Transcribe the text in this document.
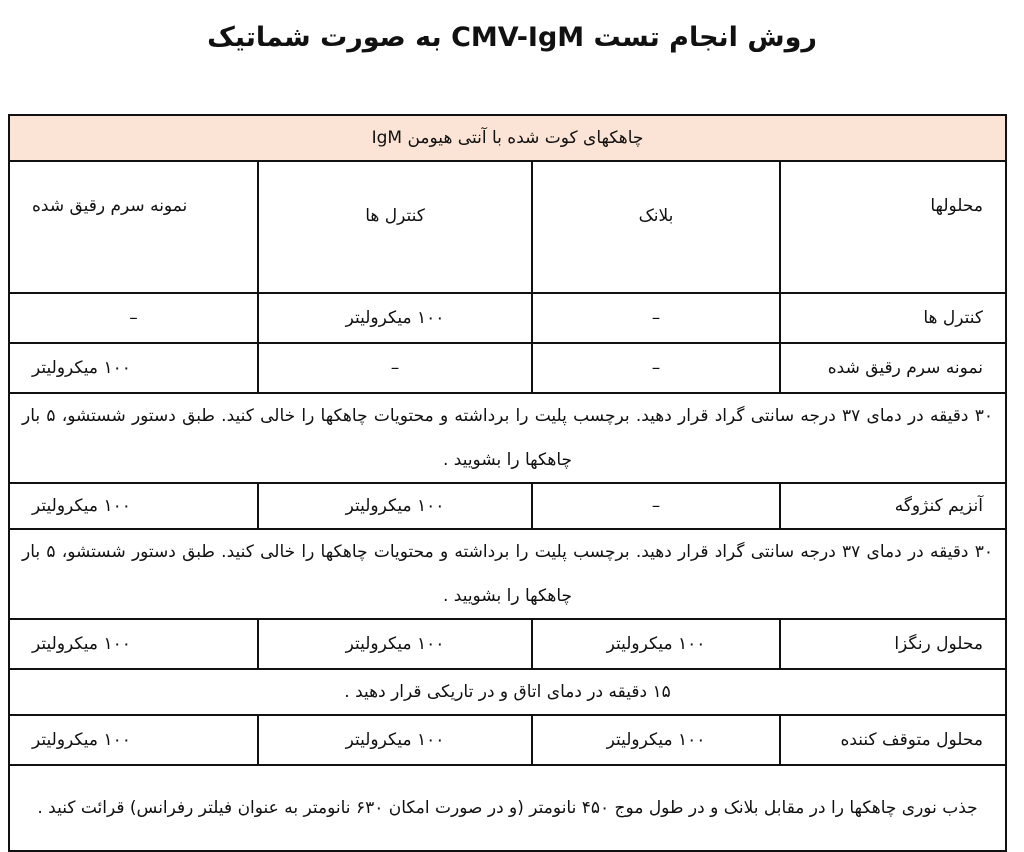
روش انجام تست CMV-IgM به صورت شماتیک
چاهکهای کوت شده با آنتی هیومن IgM			
محلولها	بلانک	کنترل ها	نمونه سرم رقیق شده
کنترل ها	–	۱۰۰ میکرولیتر	–
نمونه سرم رقیق شده	–	–	۱۰۰ میکرولیتر
۳۰ دقیقه در دمای ۳۷ درجه سانتی گراد قرار دهید. برچسب پلیت را برداشته و محتویات چاهکها را خالی کنید. طبق دستور شستشو، ۵ بار چاهکها را بشویید .			
آنزیم کنژوگه	–	۱۰۰ میکرولیتر	۱۰۰ میکرولیتر
۳۰ دقیقه در دمای ۳۷ درجه سانتی گراد قرار دهید. برچسب پلیت را برداشته و محتویات چاهکها را خالی کنید. طبق دستور شستشو، ۵ بار چاهکها را بشویید .			
محلول رنگزا	۱۰۰ میکرولیتر	۱۰۰ میکرولیتر	۱۰۰ میکرولیتر
۱۵ دقیقه در دمای اتاق و در تاریکی قرار دهید .			
محلول متوقف کننده	۱۰۰ میکرولیتر	۱۰۰ میکرولیتر	۱۰۰ میکرولیتر
جذب نوری چاهکها را در مقابل بلانک و در طول موج ۴۵۰ نانومتر (و در صورت امکان ۶۳۰ نانومتر به عنوان فیلتر رفرانس) قرائت کنید .			
